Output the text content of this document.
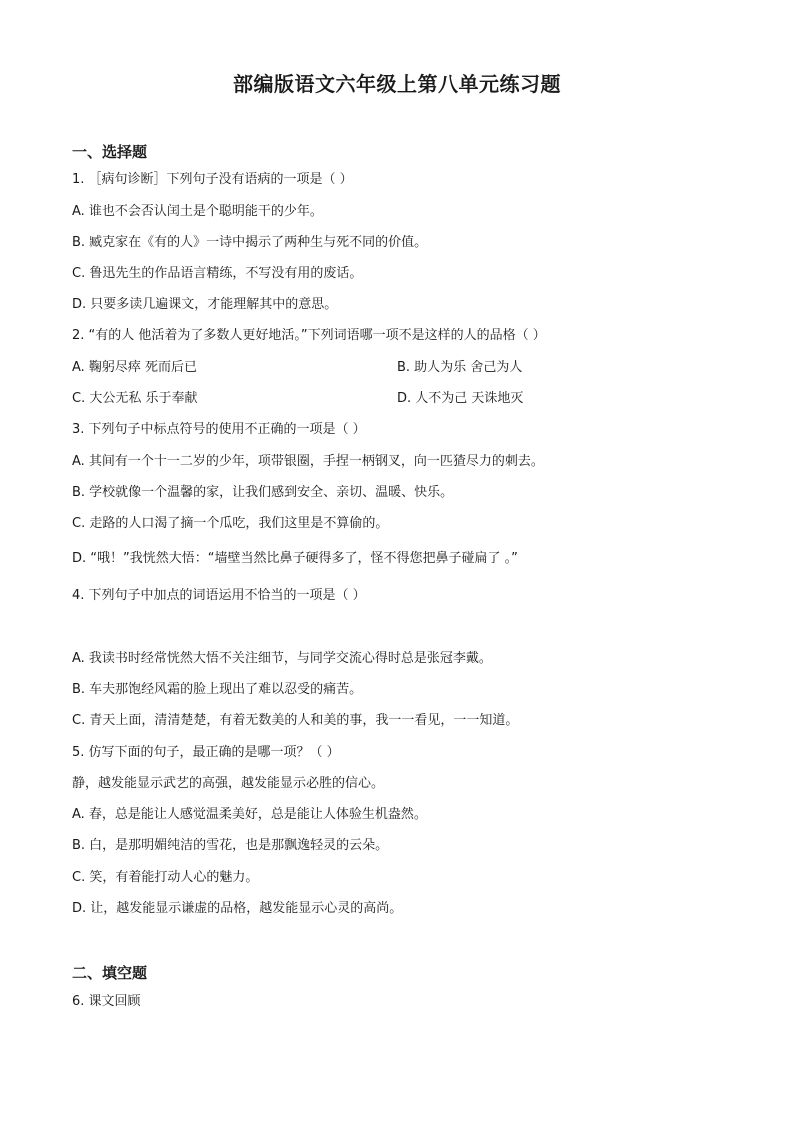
部编版语文六年级上第八单元练习题
一、选择题
1. ［病句诊断］下列句子没有语病的一项是（ ）
A. 谁也不会否认闰土是个聪明能干的少年。
B. 臧克家在《有的人》一诗中揭示了两种生与死不同的价值。
C. 鲁迅先生的作品语言精练，不写没有用的废话。
D. 只要多读几遍课文，才能理解其中的意思。
2. “有的人 他活着为了多数人更好地活。”下列词语哪一项不是这样的人的品格（ ）
A. 鞠躬尽瘁 死而后已	B. 助人为乐 舍己为人
C. 大公无私 乐于奉献	D. 人不为己 天诛地灭
3. 下列句子中标点符号的使用不正确的一项是（ ）
A. 其间有一个十一二岁的少年，项带银圈，手捏一柄钢叉，向一匹猹尽力的刺去。
B. 学校就像一个温馨的家，让我们感到安全、亲切、温暖、快乐。
C. 走路的人口渴了摘一个瓜吃，我们这里是不算偷的。
D. “哦！”我恍然大悟：“墙壁当然比鼻子硬得多了，怪不得您把鼻子碰扁了 。”
4. 下列句子中加点的词语运用不恰当的一项是（ ）
A. 我读书时经常恍然大悟不关注细节，与同学交流心得时总是张冠李戴。
B. 车夫那饱经风霜的脸上现出了难以忍受的痛苦。
C. 青天上面，清清楚楚，有着无数美的人和美的事，我一一看见，一一知道。
5. 仿写下面的句子，最正确的是哪一项？（ ）
静，越发能显示武艺的高强，越发能显示必胜的信心。
A. 春，总是能让人感觉温柔美好，总是能让人体验生机盎然。
B. 白，是那明媚纯洁的雪花，也是那飘逸轻灵的云朵。
C. 笑，有着能打动人心的魅力。
D. 让，越发能显示谦虚的品格，越发能显示心灵的高尚。
二、填空题
6. 课文回顾
